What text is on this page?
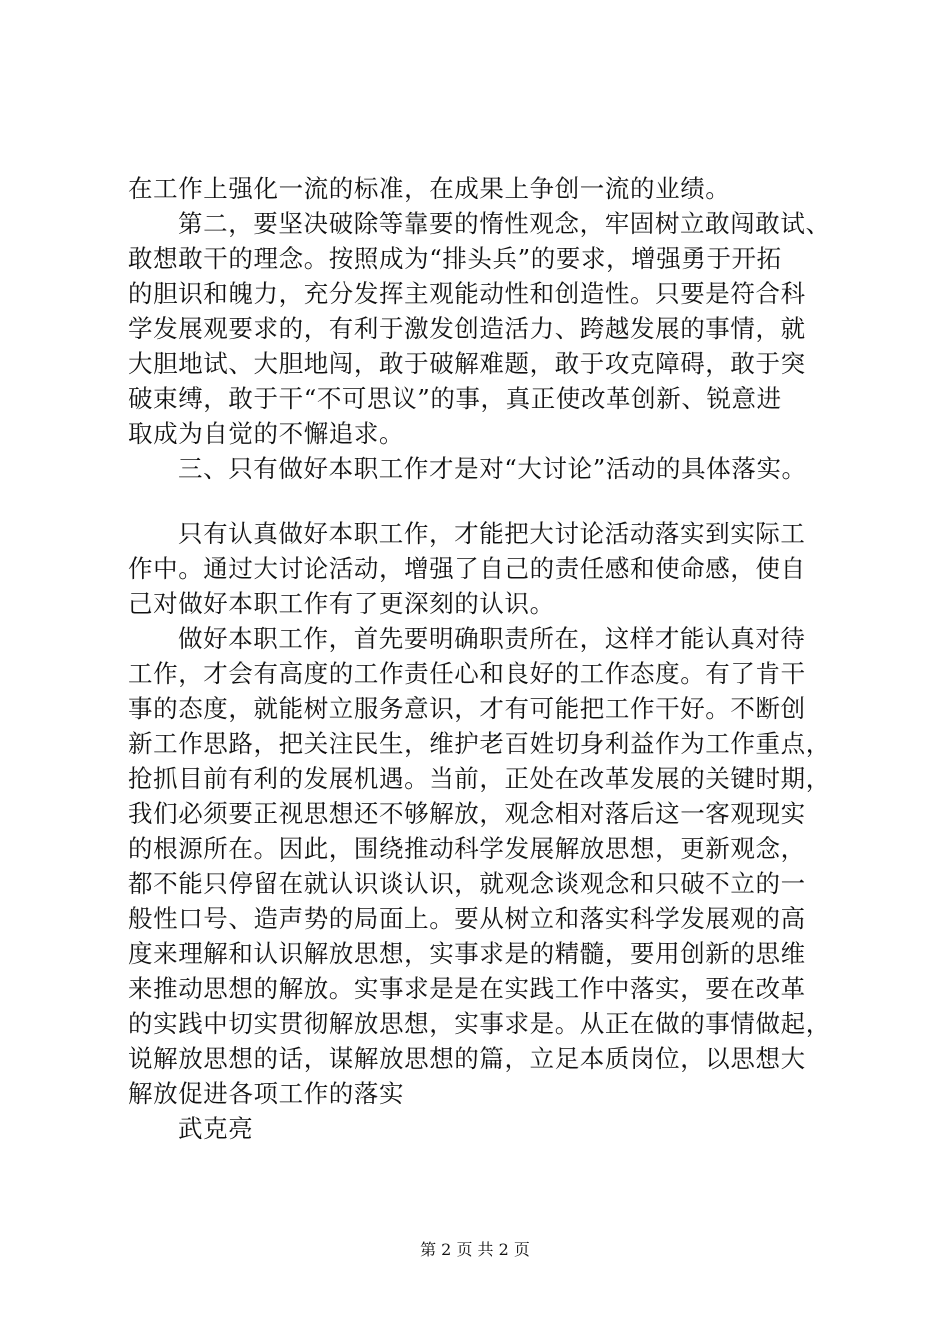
在工作上强化一流的标准，在成果上争创一流的业绩。
第二，要坚决破除等靠要的惰性观念，牢固树立敢闯敢试、
敢想敢干的理念。按照成为“排头兵”的要求，增强勇于开拓
的胆识和魄力，充分发挥主观能动性和创造性。只要是符合科
学发展观要求的，有利于激发创造活力、跨越发展的事情，就
大胆地试、大胆地闯，敢于破解难题，敢于攻克障碍，敢于突
破束缚，敢于干“不可思议”的事，真正使改革创新、锐意进
取成为自觉的不懈追求。
三、只有做好本职工作才是对“大讨论”活动的具体落实。
只有认真做好本职工作，才能把大讨论活动落实到实际工
作中。通过大讨论活动，增强了自己的责任感和使命感，使自
己对做好本职工作有了更深刻的认识。
做好本职工作，首先要明确职责所在，这样才能认真对待
工作，才会有高度的工作责任心和良好的工作态度。有了肯干
事的态度，就能树立服务意识，才有可能把工作干好。不断创
新工作思路，把关注民生，维护老百姓切身利益作为工作重点，
抢抓目前有利的发展机遇。当前，正处在改革发展的关键时期，
我们必须要正视思想还不够解放，观念相对落后这一客观现实
的根源所在。因此，围绕推动科学发展解放思想，更新观念，
都不能只停留在就认识谈认识，就观念谈观念和只破不立的一
般性口号、造声势的局面上。要从树立和落实科学发展观的高
度来理解和认识解放思想，实事求是的精髓，要用创新的思维
来推动思想的解放。实事求是是在实践工作中落实，要在改革
的实践中切实贯彻解放思想，实事求是。从正在做的事情做起，
说解放思想的话，谋解放思想的篇，立足本质岗位，以思想大
解放促进各项工作的落实
武克亮
第 2 页 共 2 页
